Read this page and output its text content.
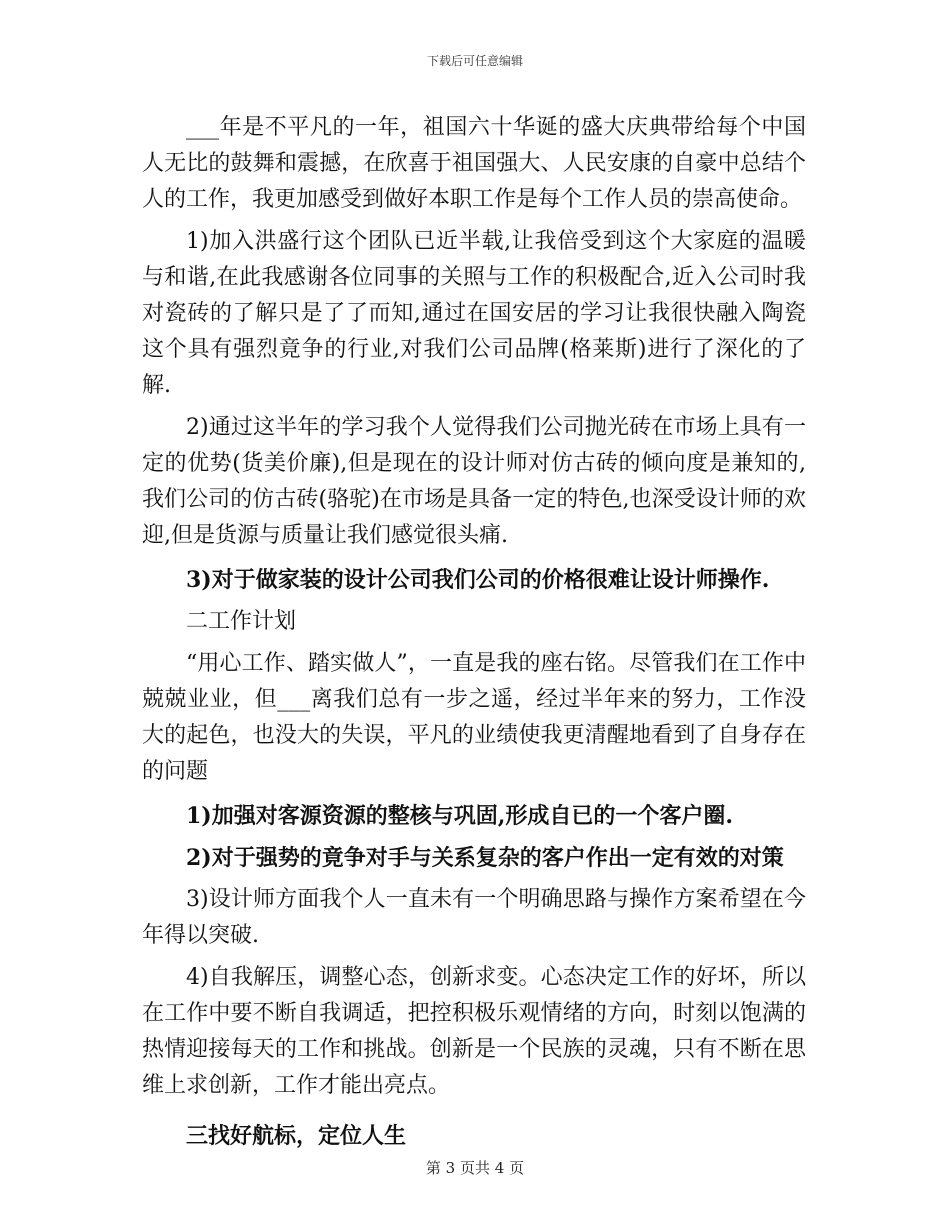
下载后可任意编辑

___年是不平凡的一年，祖国六十华诞的盛大庆典带给每个中国人无比的鼓舞和震撼，在欣喜于祖国强大、人民安康的自豪中总结个人的工作，我更加感受到做好本职工作是每个工作人员的崇高使命。

1)加入洪盛行这个团队已近半载,让我倍受到这个大家庭的温暖与和谐,在此我感谢各位同事的关照与工作的积极配合,近入公司时我对瓷砖的了解只是了了而知,通过在国安居的学习让我很快融入陶瓷这个具有强烈竟争的行业,对我们公司品牌(格莱斯)进行了深化的了解.

2)通过这半年的学习我个人觉得我们公司抛光砖在市场上具有一定的优势(货美价廉),但是现在的设计师对仿古砖的倾向度是兼知的,我们公司的仿古砖(骆驼)在市场是具备一定的特色,也深受设计师的欢迎,但是货源与质量让我们感觉很头痛.

3)对于做家装的设计公司我们公司的价格很难让设计师操作.

二工作计划

“用心工作、踏实做人”，一直是我的座右铭。尽管我们在工作中兢兢业业，但___离我们总有一步之遥，经过半年来的努力，工作没大的起色，也没大的失误，平凡的业绩使我更清醒地看到了自身存在的问题

1)加强对客源资源的整核与巩固,形成自已的一个客户圈.

2)对于强势的竟争对手与关系复杂的客户作出一定有效的对策

3)设计师方面我个人一直未有一个明确思路与操作方案希望在今年得以突破.

4)自我解压，调整心态，创新求变。心态决定工作的好坏，所以在工作中要不断自我调适，把控积极乐观情绪的方向，时刻以饱满的热情迎接每天的工作和挑战。创新是一个民族的灵魂，只有不断在思维上求创新，工作才能出亮点。

三找好航标，定位人生

第 3 页共 4 页
